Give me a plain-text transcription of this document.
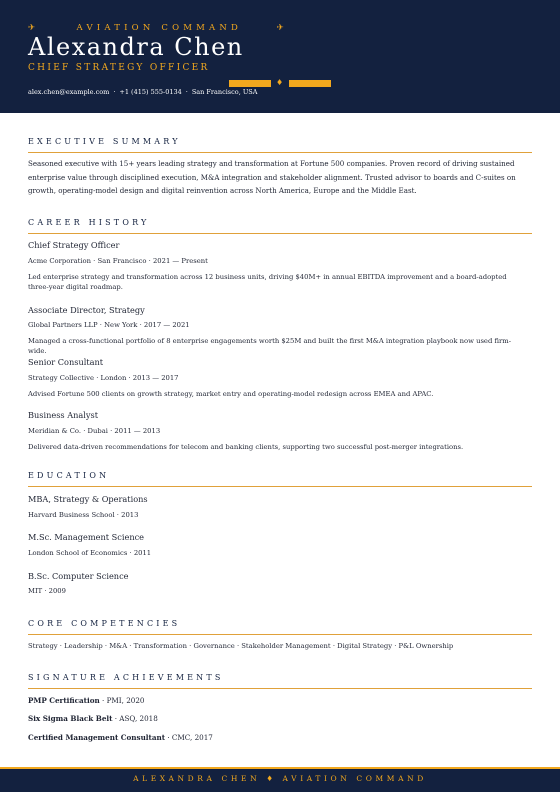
✈	AVIATION COMMAND	✈
Alexandra Chen
CHIEF STRATEGY OFFICER
♦
alex.chen@example.com · +1 (415) 555-0134 · San Francisco, USA
EXECUTIVE SUMMARY
Seasoned executive with 15+ years leading strategy and transformation at Fortune 500 companies. Proven record of driving sustained enterprise value through disciplined execution, M&A integration and stakeholder alignment. Trusted advisor to boards and C-suites on growth, operating-model design and digital reinvention across North America, Europe and the Middle East.
CAREER HISTORY
Chief Strategy Officer
Acme Corporation · San Francisco · 2021 — Present
Led enterprise strategy and transformation across 12 business units, driving $40M+ in annual EBITDA improvement and a board-adopted three-year digital roadmap.
Associate Director, Strategy
Global Partners LLP · New York · 2017 — 2021
Managed a cross-functional portfolio of 8 enterprise engagements worth $25M and built the first M&A integration playbook now used firm-wide.
Senior Consultant
Strategy Collective · London · 2013 — 2017
Advised Fortune 500 clients on growth strategy, market entry and operating-model redesign across EMEA and APAC.
Business Analyst
Meridian & Co. · Dubai · 2011 — 2013
Delivered data-driven recommendations for telecom and banking clients, supporting two successful post-merger integrations.
EDUCATION
MBA, Strategy & Operations
Harvard Business School · 2013
M.Sc. Management Science
London School of Economics · 2011
B.Sc. Computer Science
MIT · 2009
CORE COMPETENCIES
Strategy · Leadership · M&A · Transformation · Governance · Stakeholder Management · Digital Strategy · P&L Ownership
SIGNATURE ACHIEVEMENTS
PMP Certification · PMI, 2020
Six Sigma Black Belt · ASQ, 2018
Certified Management Consultant · CMC, 2017
ALEXANDRA CHEN ♦ AVIATION COMMAND
